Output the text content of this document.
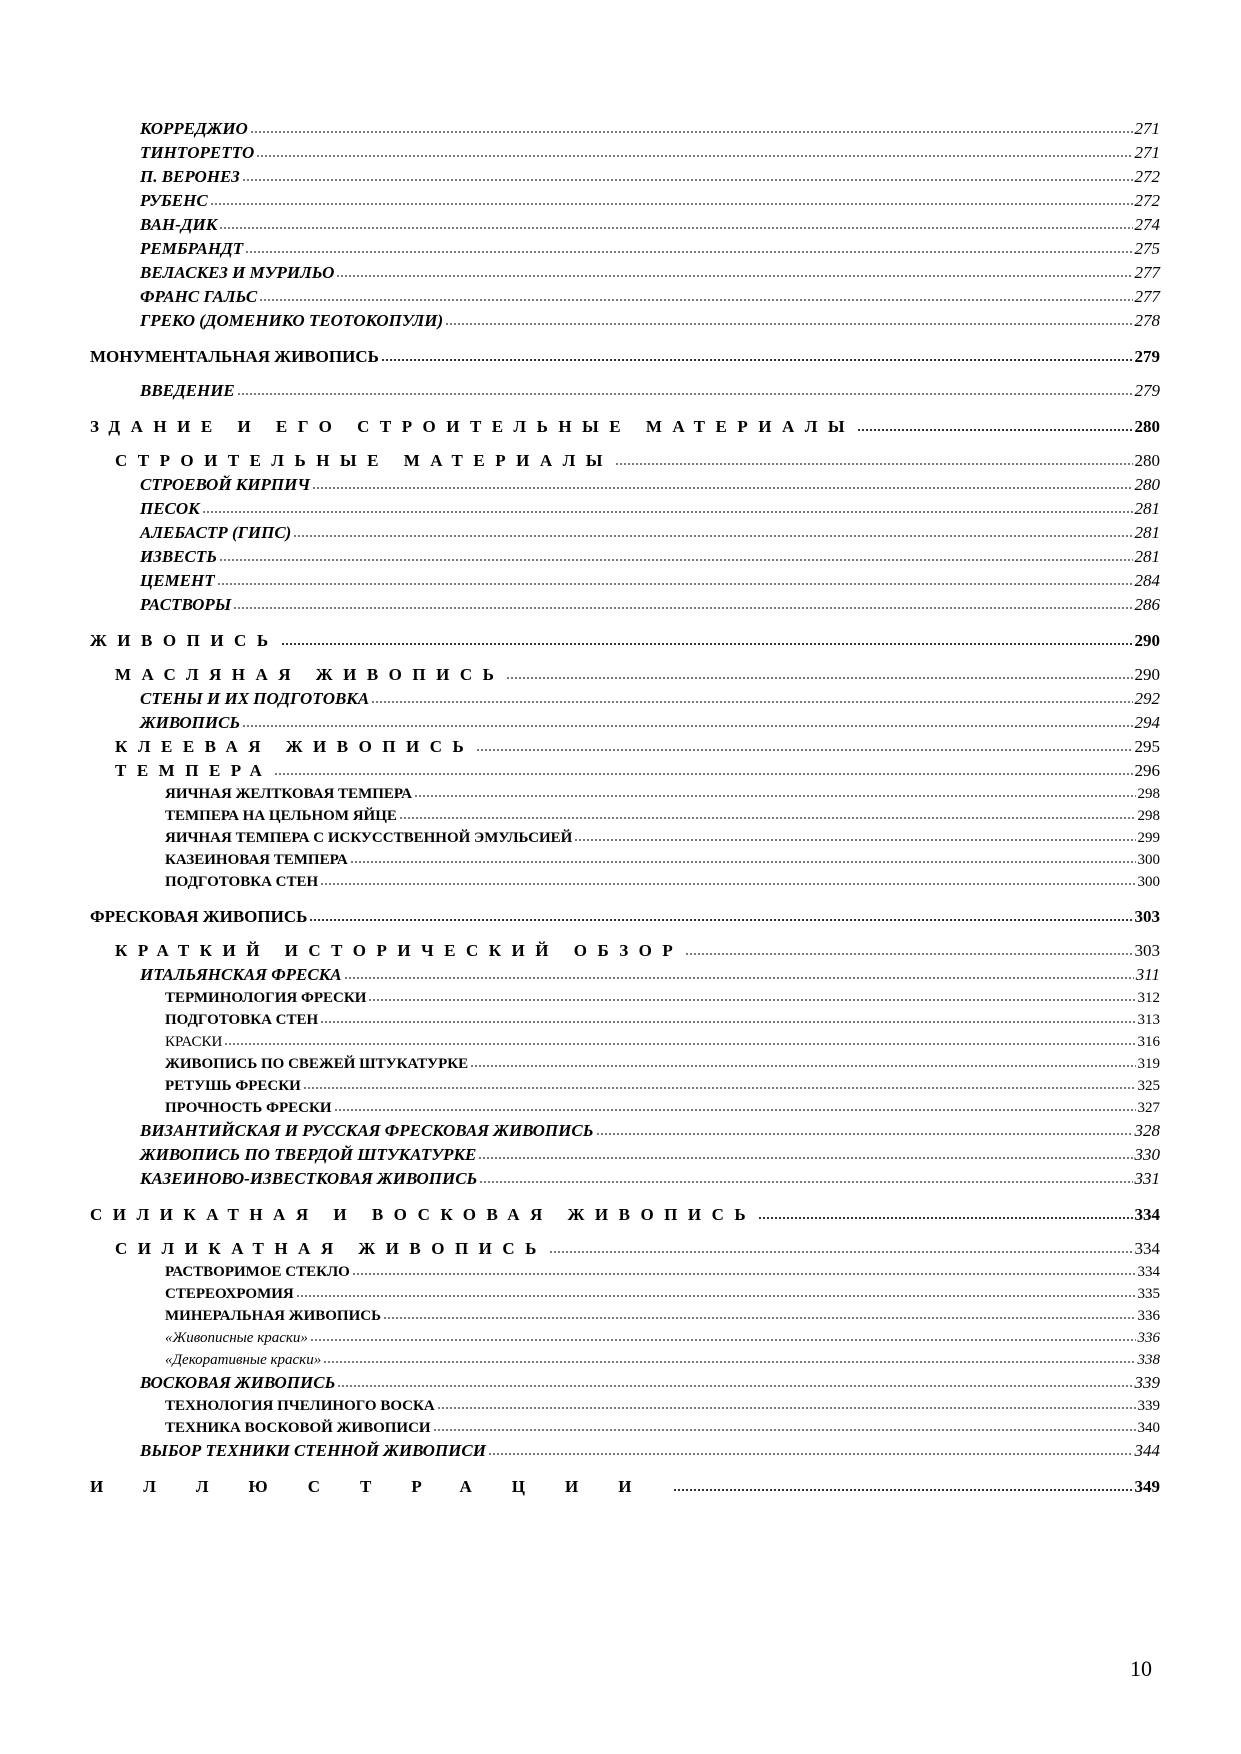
КОРРЕДЖИО	271
ТИНТОРЕТТО	271
П. ВЕРОНЕЗ	272
РУБЕНС	272
ВАН-ДИК	274
РЕМБРАНДТ	275
ВЕЛАСКЕЗ И МУРИЛЬО	277
ФРАНС ГАЛЬС	277
ГРЕКО (ДОМЕНИКО ТЕОТОКОПУЛИ)	278
МОНУМЕНТАЛЬНАЯ ЖИВОПИСЬ	279
ВВЕДЕНИЕ	279
ЗДАНИЕ И ЕГО СТРОИТЕЛЬНЫЕ МАТЕРИАЛЫ	280
СТРОИТЕЛЬНЫЕ МАТЕРИАЛЫ	280
СТРОЕВОЙ КИРПИЧ	280
ПЕСОК	281
АЛЕБАСТР (ГИПС)	281
ИЗВЕСТЬ	281
ЦЕМЕНТ	284
РАСТВОРЫ	286
ЖИВОПИСЬ	290
МАСЛЯНАЯ ЖИВОПИСЬ	290
СТЕНЫ И ИХ ПОДГОТОВКА	292
ЖИВОПИСЬ	294
КЛЕЕВАЯ ЖИВОПИСЬ	295
ТЕМПЕРА	296
ЯИЧНАЯ ЖЕЛТКОВАЯ ТЕМПЕРА	298
ТЕМПЕРА НА ЦЕЛЬНОМ ЯЙЦЕ	298
ЯИЧНАЯ ТЕМПЕРА С ИСКУССТВЕННОЙ ЭМУЛЬСИЕЙ	299
КАЗЕИНОВАЯ ТЕМПЕРА	300
ПОДГОТОВКА СТЕН	300
ФРЕСКОВАЯ ЖИВОПИСЬ	303
КРАТКИЙ ИСТОРИЧЕСКИЙ ОБЗОР	303
ИТАЛЬЯНСКАЯ ФРЕСКА	311
ТЕРМИНОЛОГИЯ ФРЕСКИ	312
ПОДГОТОВКА СТЕН	313
КРАСКИ	316
ЖИВОПИСЬ ПО СВЕЖЕЙ ШТУКАТУРКЕ	319
РЕТУШЬ ФРЕСКИ	325
ПРОЧНОСТЬ ФРЕСКИ	327
ВИЗАНТИЙСКАЯ И РУССКАЯ ФРЕСКОВАЯ ЖИВОПИСЬ	328
ЖИВОПИСЬ ПО ТВЕРДОЙ ШТУКАТУРКЕ	330
КАЗЕИНОВО-ИЗВЕСТКОВАЯ ЖИВОПИСЬ	331
СИЛИКАТНАЯ И ВОСКОВАЯ ЖИВОПИСЬ	334
СИЛИКАТНАЯ ЖИВОПИСЬ	334
РАСТВОРИМОЕ СТЕКЛО	334
СТЕРЕОХРОМИЯ	335
МИНЕРАЛЬНАЯ ЖИВОПИСЬ	336
«Живописные краски»	336
«Декоративные краски»	338
ВОСКОВАЯ ЖИВОПИСЬ	339
ТЕХНОЛОГИЯ ПЧЕЛИНОГО ВОСКА	339
ТЕХНИКА ВОСКОВОЙ ЖИВОПИСИ	340
ВЫБОР ТЕХНИКИ СТЕННОЙ ЖИВОПИСИ	344
ИЛЛЮСТРАЦИИ	349
10
